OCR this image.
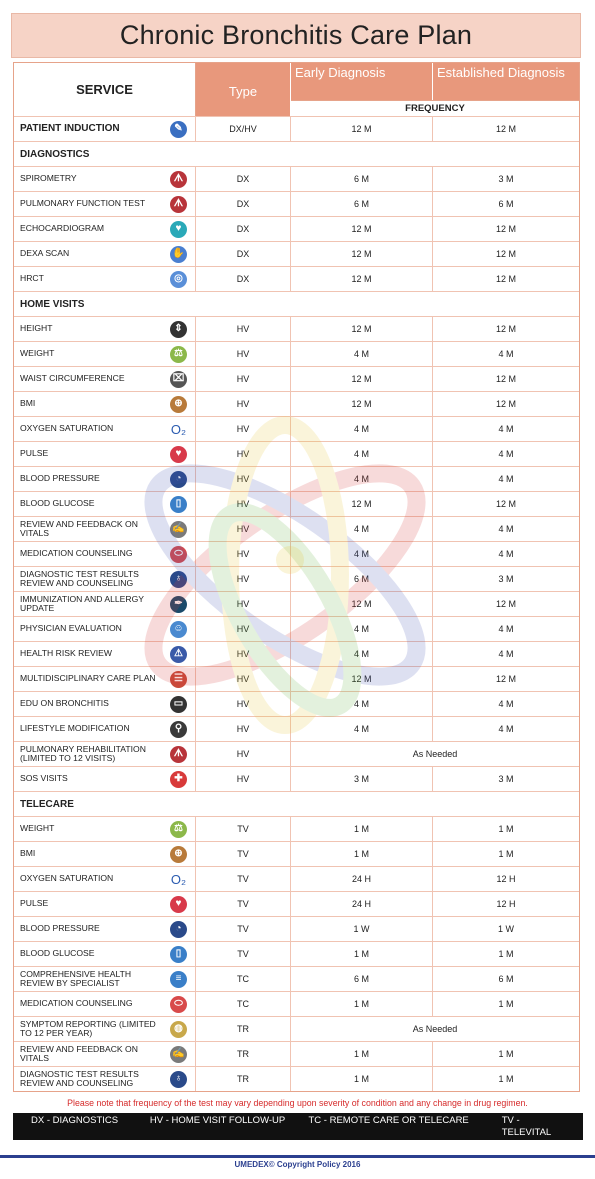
Chronic Bronchitis Care Plan
SERVICE	Type
Early Diagnosis	Established Diagnosis
FREQUENCY
PATIENT INDUCTION	✎	DX/HV	12 M	12 M
DIAGNOSTICS
SPIROMETRY	ᗑ	DX	6 M	3 M
PULMONARY FUNCTION TEST	ᗑ	DX	6 M	6 M
ECHOCARDIOGRAM	♥	DX	12 M	12 M
DEXA SCAN	✋	DX	12 M	12 M
HRCT	◎	DX	12 M	12 M
HOME VISITS
HEIGHT	⇕	HV	12 M	12 M
WEIGHT	⚖	HV	4 M	4 M
WAIST CIRCUMFERENCE	⌧	HV	12 M	12 M
BMI	⊕	HV	12 M	12 M
OXYGEN SATURATION	O₂	HV	4 M	4 M
PULSE	♥	HV	4 M	4 M
BLOOD PRESSURE	◔	HV	4 M	4 M
BLOOD GLUCOSE	▯	HV	12 M	12 M
REVIEW AND FEEDBACK ON VITALS	✍	HV	4 M	4 M
MEDICATION COUNSELING	⬭	HV	4 M	4 M
DIAGNOSTIC TEST RESULTS REVIEW AND COUNSELING	♁	HV	6 M	3 M
IMMUNIZATION AND ALLERGY UPDATE	✒	HV	12 M	12 M
PHYSICIAN EVALUATION	☺	HV	4 M	4 M
HEALTH RISK REVIEW	⚠	HV	4 M	4 M
MULTIDISCIPLINARY CARE PLAN	☰	HV	12 M	12 M
EDU ON BRONCHITIS	▭	HV	4 M	4 M
LIFESTYLE MODIFICATION	⚲	HV	4 M	4 M
PULMONARY REHABILITATION (LIMITED TO 12 VISITS)	ᗑ	HV	As Needed
SOS VISITS	✚	HV	3 M	3 M
TELECARE
WEIGHT	⚖	TV	1 M	1 M
BMI	⊕	TV	1 M	1 M
OXYGEN SATURATION	O₂	TV	24 H	12 H
PULSE	♥	TV	24 H	12 H
BLOOD PRESSURE	◔	TV	1 W	1 W
BLOOD GLUCOSE	▯	TV	1 M	1 M
COMPREHENSIVE HEALTH REVIEW BY SPECIALIST	≡	TC	6 M	6 M
MEDICATION COUNSELING	⬭	TC	1 M	1 M
SYMPTOM REPORTING (LIMITED TO 12 PER YEAR)	◍	TR	As Needed
REVIEW AND FEEDBACK ON VITALS	✍	TR	1 M	1 M
DIAGNOSTIC TEST RESULTS REVIEW AND COUNSELING	♁	TR	1 M	1 M
Please note that frequency of the test may vary depending upon severity of condition and any change in drug regimen.
DX - DIAGNOSTICS	HV - HOME VISIT FOLLOW-UP	TC - REMOTE CARE OR TELECARE	TV - TELEVITAL
TR - TELETRIAGE	M- MONTHS	W-WEEKS	H - HOURS
UMEDEX© Copyright Policy 2016
